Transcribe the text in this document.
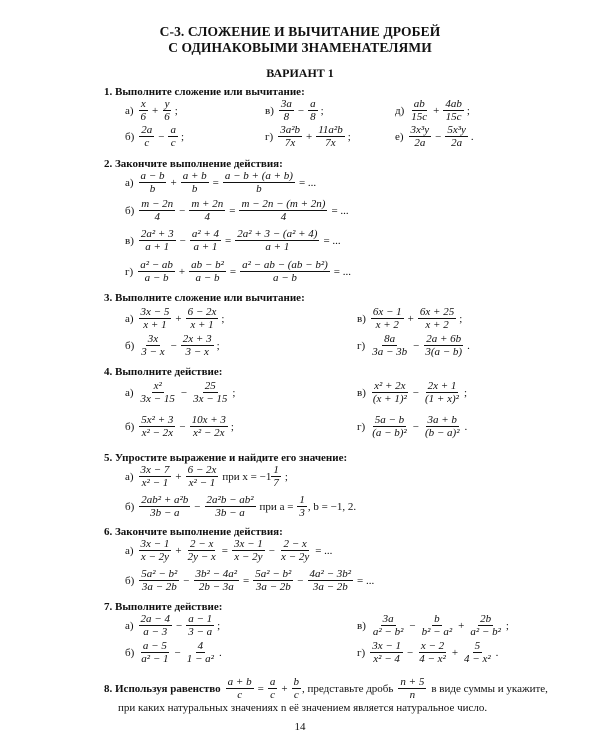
С-3. СЛОЖЕНИЕ И ВЫЧИТАНИЕ ДРОБЕЙ
С ОДИНАКОВЫМИ ЗНАМЕНАТЕЛЯМИ
ВАРИАНТ 1
1. Выполните сложение или вычитание:
$а) \frac{x}{6} + \frac{y}{6}$ ;
$б) \frac{2a}{c} - \frac{a}{c}$ ;
$в) \frac{3a}{8} - \frac{a}{8}$ ;
$г) \frac{\text{3a²b}}{7x} + \frac{\text{11a²b}}{7x}$ ;
$д) \frac{ab}{15c} + \frac{4ab}{15c}$ ;
$е) \frac{\text{3x³y}}{2a} - \frac{\text{5x³y}}{2a}$ .
2. Закончите выполнение действия:
$а) \frac{a - b}{b} + \frac{a + b}{b} = \frac{a - b + (a + b)}{b}$ = ...
$б) \frac{m - 2n}{4} - \frac{m + 2n}{4} = \frac{m - 2n - (m + 2n)}{4}$ = ...
$в) \frac{\text{2a² + 3}}{a + 1} - \frac{\text{a² + 4}}{a + 1} = \frac{\text{2a² + 3 − (a² + 4)}}{a + 1}$ = ...
$г) \frac{\text{a² − ab}}{a - b} + \frac{\text{ab − b²}}{a - b} = \frac{\text{a² − ab − (ab − b²)}}{a - b}$ = ...
3. Выполните сложение или вычитание:
$а) \frac{3x - 5}{x + 1} + \frac{6 - 2x}{x + 1}$ ;
$б) \frac{3x}{3 - x} - \frac{2x + 3}{3 - x}$ ;
$в) \frac{6x - 1}{x + 2} + \frac{6x + 25}{x + 2}$ ;
$г) \frac{8a}{3a - 3b} - \frac{2a + 6b}{3(a - b)}$ .
4. Выполните действие:
$а) \frac{\text{x²}}{3x - 15} - \frac{25}{3x - 15}$ ;
$б) \frac{\text{5x² + 3}}{\text{x² − 2x}} - \frac{10x + 3}{\text{x² − 2x}}$ ;
$в) \frac{\text{x² + 2x}}{\text{(x + 1)²}} - \frac{2x + 1}{\text{(1 + x)²}}$ ;
$г) \frac{5a - b}{\text{(a − b)²}} - \frac{3a + b}{\text{(b − a)²}}$ .
5. Упростите выражение и найдите его значение:
$а) \frac{3x - 7}{\text{x² − 1}} + \frac{6 - 2x}{\text{x² − 1}}$ при $x = -1 \frac{1}{7}$ ;
$б) \frac{\text{2ab² + a²b}}{3b - a} - \frac{\text{2a²b − ab²}}{3b - a}$ при $a = \frac{1}{3}$ , b = −1, 2.
6. Закончите выполнение действия:
$а) \frac{3x - 1}{x - 2y} + \frac{2 - x}{2y - x} = \frac{3x - 1}{x - 2y} - \frac{2 - x}{x - 2y}$ = ...
$б) \frac{\text{5a² − b²}}{3a - 2b} - \frac{\text{3b² − 4a²}}{2b - 3a} = \frac{\text{5a² − b²}}{3a - 2b} - \frac{\text{4a² − 3b²}}{3a - 2b}$ = ...
7. Выполните действие:
$а) \frac{2a - 4}{a - 3} - \frac{a - 1}{3 - a}$ ;
$б) \frac{a - 5}{\text{a² − 1}} - \frac{4}{\text{1 − a²}}$ .
$в) \frac{3a}{\text{a² − b²}} - \frac{b}{\text{b² − a²}} + \frac{2b}{\text{a² − b²}}$ ;
$г) \frac{3x - 1}{\text{x² − 4}} - \frac{x - 2}{\text{4 − x²}} + \frac{5}{\text{4 − x²}}$ .
8. Используя равенство $\frac{a + b}{c} = \frac{a}{c} + \frac{b}{c}$ , представьте дробь $\frac{n + 5}{n}$ в виде суммы и укажите,
при каких натуральных значениях n её значением является натуральное число.
14
